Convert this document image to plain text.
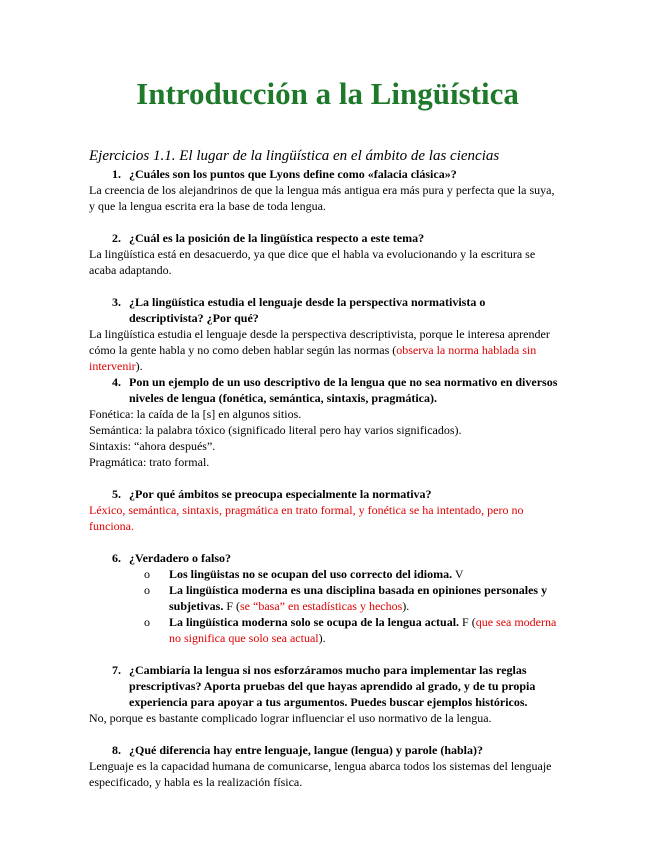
Introducción a la Lingüística

Ejercicios 1.1. El lugar de la lingüística en el ámbito de las ciencias

1. ¿Cuáles son los puntos que Lyons define como «falacia clásica»?

La creencia de los alejandrinos de que la lengua más antigua era más pura y perfecta que la suya, y que la lengua escrita era la base de toda lengua.

2. ¿Cuál es la posición de la lingüística respecto a este tema?

La lingüística está en desacuerdo, ya que dice que el habla va evolucionando y la escritura se acaba adaptando.

3. ¿La lingüística estudia el lenguaje desde la perspectiva normativista o descriptivista? ¿Por qué?

La lingüística estudia el lenguaje desde la perspectiva descriptivista, porque le interesa aprender cómo la gente habla y no como deben hablar según las normas (observa la norma hablada sin intervenir).

4. Pon un ejemplo de un uso descriptivo de la lengua que no sea normativo en diversos niveles de lengua (fonética, semántica, sintaxis, pragmática).

Fonética: la caída de la [s] en algunos sitios.

Semántica: la palabra tóxico (significado literal pero hay varios significados).

Sintaxis: “ahora después”.

Pragmática: trato formal.

5. ¿Por qué ámbitos se preocupa especialmente la normativa?

Léxico, semántica, sintaxis, pragmática en trato formal, y fonética se ha intentado, pero no funciona.

6. ¿Verdadero o falso?
o	Los lingüistas no se ocupan del uso correcto del idioma. V
o	La lingüística moderna es una disciplina basada en opiniones personales y subjetivas. F (se “basa” en estadísticas y hechos).
o	La lingüística moderna solo se ocupa de la lengua actual. F (que sea moderna no significa que solo sea actual).
7. ¿Cambiaría la lengua si nos esforzáramos mucho para implementar las reglas prescriptivas? Aporta pruebas del que hayas aprendido al grado, y de tu propia experiencia para apoyar a tus argumentos. Puedes buscar ejemplos históricos.

No, porque es bastante complicado lograr influenciar el uso normativo de la lengua.

8. ¿Qué diferencia hay entre lenguaje, langue (lengua) y parole (habla)?

Lenguaje es la capacidad humana de comunicarse, lengua abarca todos los sistemas del lenguaje especificado, y habla es la realización física.
